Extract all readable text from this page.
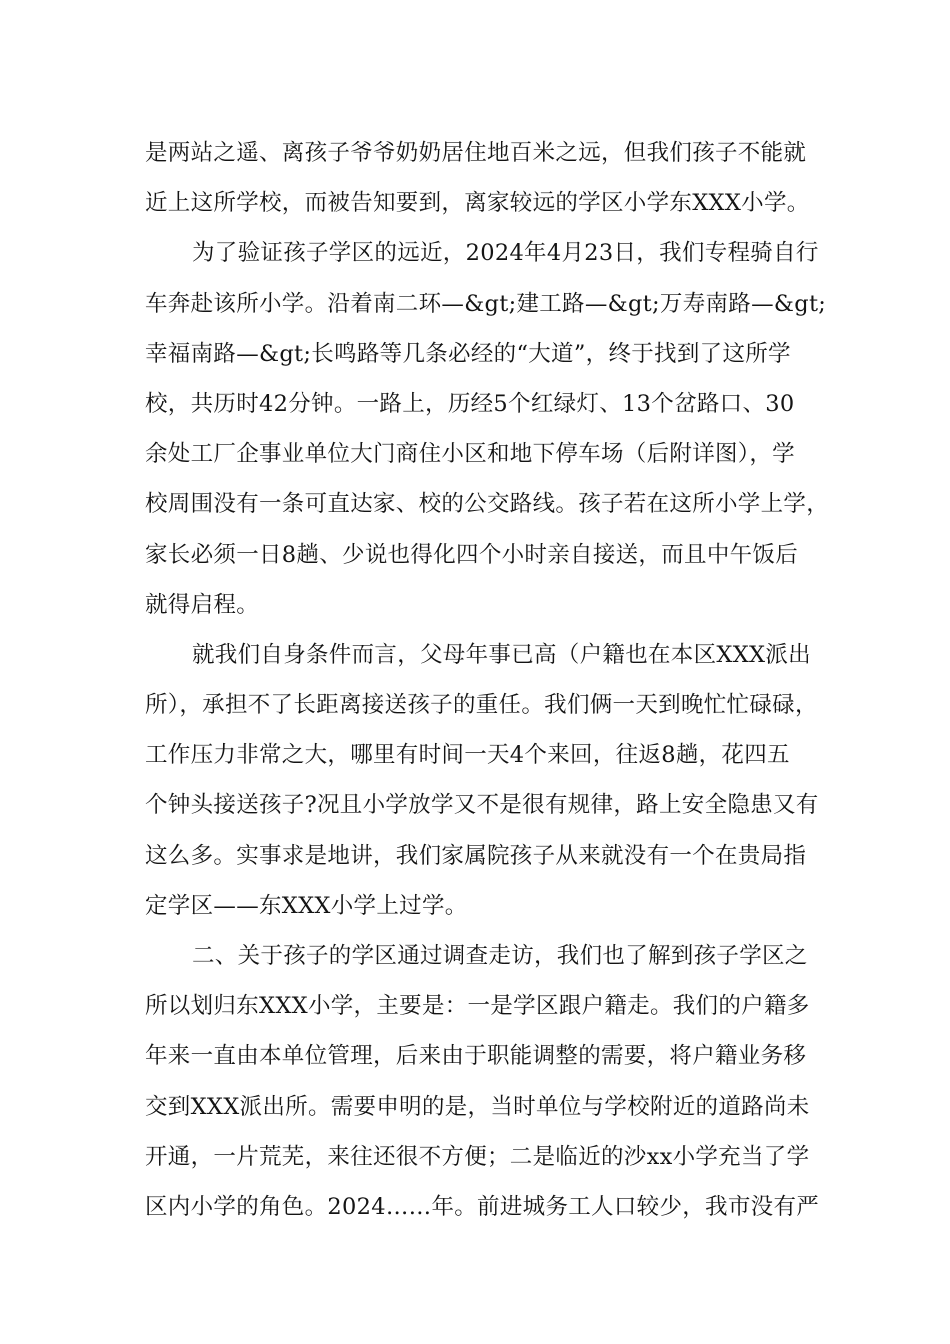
是两站之遥、离孩子爷爷奶奶居住地百米之远，但我们孩子不能就
近上这所学校，而被告知要到，离家较远的学区小学东XXX小学。
为了验证孩子学区的远近，2024年4月23日，我们专程骑自行
车奔赴该所小学。沿着南二环—&gt;建工路—&gt;万寿南路—&gt;
幸福南路—&gt;长鸣路等几条必经的“大道”，终于找到了这所学
校，共历时42分钟。一路上，历经5个红绿灯、13个岔路口、30
余处工厂企事业单位大门商住小区和地下停车场（后附详图），学
校周围没有一条可直达家、校的公交路线。孩子若在这所小学上学，
家长必须一日8趟、少说也得化四个小时亲自接送，而且中午饭后
就得启程。
就我们自身条件而言，父母年事已高（户籍也在本区XXX派出
所），承担不了长距离接送孩子的重任。我们俩一天到晚忙忙碌碌，
工作压力非常之大，哪里有时间一天4个来回，往返8趟，花四五
个钟头接送孩子?况且小学放学又不是很有规律，路上安全隐患又有
这么多。实事求是地讲，我们家属院孩子从来就没有一个在贵局指
定学区——东XXX小学上过学。
二、关于孩子的学区通过调查走访，我们也了解到孩子学区之
所以划归东XXX小学，主要是：一是学区跟户籍走。我们的户籍多
年来一直由本单位管理，后来由于职能调整的需要，将户籍业务移
交到XXX派出所。需要申明的是，当时单位与学校附近的道路尚未
开通，一片荒芜，来往还很不方便；二是临近的沙xx小学充当了学
区内小学的角色。2024……年。前进城务工人口较少，我市没有严
